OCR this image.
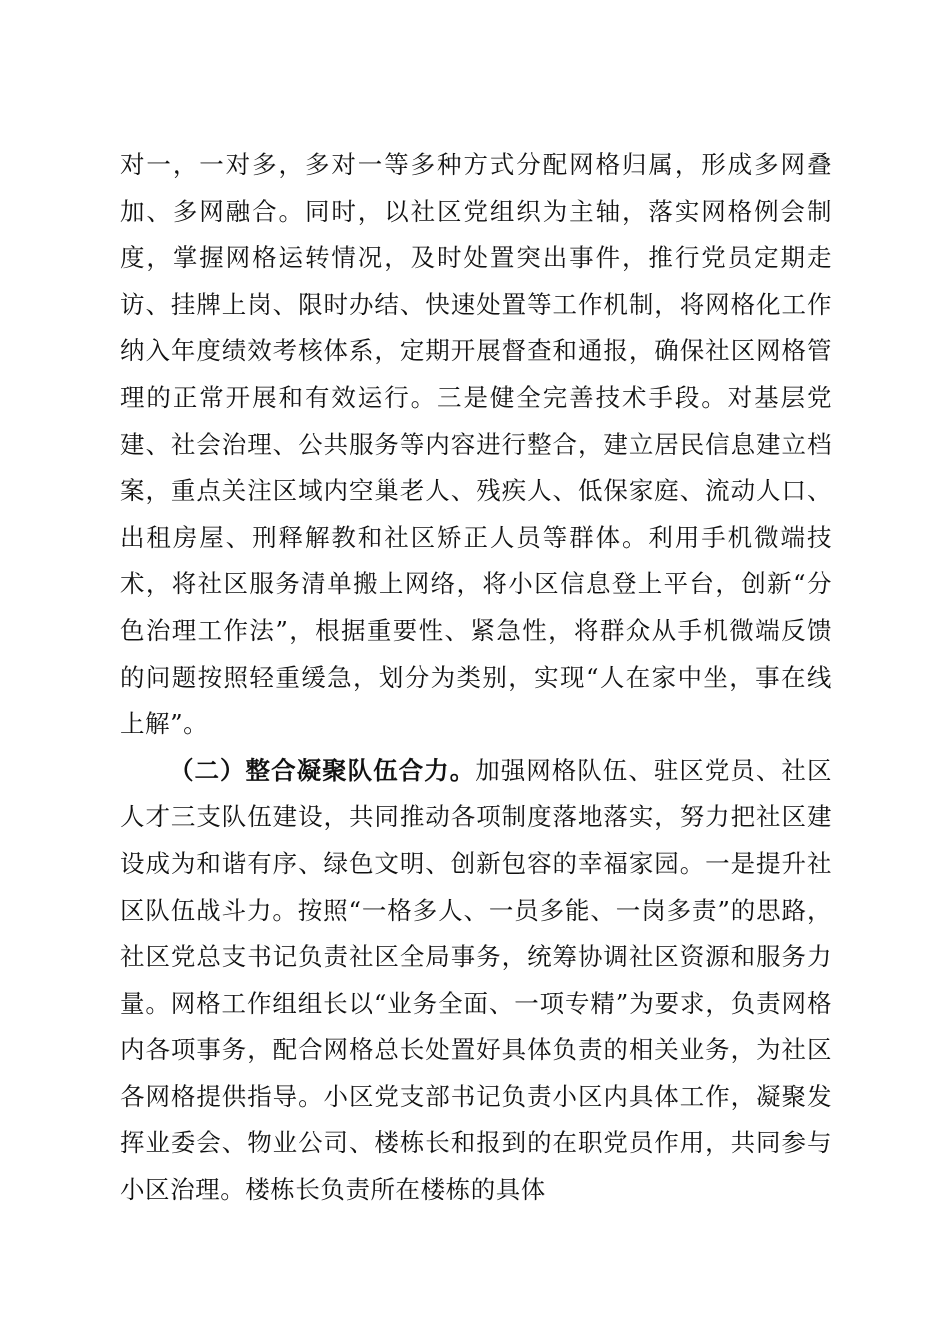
对一，一对多，多对一等多种方式分配网格归属，形成多网叠加、多网融合。同时，以社区党组织为主轴，落实网格例会制度，掌握网格运转情况，及时处置突出事件，推行党员定期走访、挂牌上岗、限时办结、快速处置等工作机制，将网格化工作纳入年度绩效考核体系，定期开展督查和通报，确保社区网格管理的正常开展和有效运行。三是健全完善技术手段。对基层党建、社会治理、公共服务等内容进行整合，建立居民信息建立档案，重点关注区域内空巢老人、残疾人、低保家庭、流动人口、出租房屋、刑释解教和社区矫正人员等群体。利用手机微端技术，将社区服务清单搬上网络，将小区信息登上平台，创新“分色治理工作法”，根据重要性、紧急性，将群众从手机微端反馈的问题按照轻重缓急，划分为类别，实现“人在家中坐，事在线上解”。

（二）整合凝聚队伍合力。加强网格队伍、驻区党员、社区人才三支队伍建设，共同推动各项制度落地落实，努力把社区建设成为和谐有序、绿色文明、创新包容的幸福家园。一是提升社区队伍战斗力。按照“一格多人、一员多能、一岗多责”的思路，社区党总支书记负责社区全局事务，统筹协调社区资源和服务力量。网格工作组组长以“业务全面、一项专精”为要求，负责网格内各项事务，配合网格总长处置好具体负责的相关业务，为社区各网格提供指导。小区党支部书记负责小区内具体工作，凝聚发挥业委会、物业公司、楼栋长和报到的在职党员作用，共同参与小区治理。楼栋长负责所在楼栋的具体
